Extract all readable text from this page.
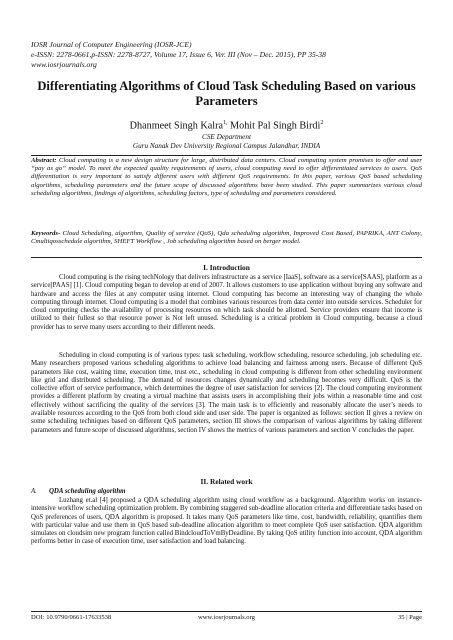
IOSR Journal of Computer Engineering (IOSR-JCE)
e-ISSN: 2278-0661,p-ISSN: 2278-8727, Volume 17, Issue 6, Ver. III (Nov – Dec. 2015), PP 35-38
www.iosrjournals.org
Differentiating Algorithms of Cloud Task Scheduling Based on various Parameters
Dhanmeet Singh Kalra$^{1,}$ Mohit Pal Singh Birdi$^2$
CSE Department
Guru Nanak Dev University Regional Campus Jalandhar, INDIA
Abstract: Cloud computing is a new design structure for large, distributed data centers. Cloud computing system promises to offer end user “pay as go” model. To meet the expected quality requirements of users, cloud computing need to offer differentiated services to users. QoS differentiation is very important to satisfy different users with different QoS requirements. In this paper, various QoS based scheduling algorithms, scheduling parameters and the future scope of discussed algorithms have been studied. This paper summarizes various cloud scheduling algorithms, findings of algorithms, scheduling factors, type of scheduling and parameters considered.
Keywords- Cloud Scheduling, algorithm, Quality of service (QoS), Qda scheduling algorithm, Improved Cost Based, PAPRIKA, ANT Colony, Cmultiqosschedule algorithm, SHEFT Workflow , Job scheduling algorithm based on berger model.
I. Introduction
Cloud computing is the rising techNology that delivers infrastructure as a service [IaaS], software as a service[SAAS], platform as a service[PAAS] [1]. Cloud computing began to develop at end of 2007. It allows customers to use application without buying any software and hardware and access the files at any computer using internet. Cloud computing has become an interesting way of changing the whole computing through internet. Cloud computing is a model that combines various resources from data center into outside services. Scheduler for cloud computing checks the availability of processing resources on which task should be allotted. Service providers ensure that income is utilized to their fullest so that resource power is Not left unused. Scheduling is a critical problem in Cloud computing, because a cloud provider has to serve many users according to their different needs.
Scheduling in cloud computing is of various types: task scheduling, workflow scheduling, resource scheduling, job scheduling etc. Many researchers proposed various scheduling algorithms to achieve load balancing and fairness among users. Because of different QoS parameters like cost, waiting time, execution time, trust etc., scheduling in cloud computing is different from other scheduling environment like grid and distributed scheduling. The demand of resources changes dynamically and scheduling becomes very difficult. QoS is the collective effort of service performance, which determines the degree of user satisfaction for services [2]. The cloud computing environment provides a different platform by creating a virtual machine that assists users in accomplishing their jobs within a reasonable time and cost effectively without sacrificing the quality of the services [3]. The main task is to efficiently and reasonably allocate the user’s needs to available resources according to the QoS from both cloud side and user side. The paper is organized as follows: section II gives a review on some scheduling techniques based on different QoS parameters, section III shows the comparison of various algorithms by taking different parameters and future scope of discussed algorithms, section IV shows the metrics of various parameters and section V concludes the paper.
II. Related work
A. QDA scheduling algorithm
Luzhang et.al [4] proposed a QDA scheduling algorithm using cloud workflow as a background. Algorithm works on instance-intensive workflow scheduling optimization problem. By combining staggered sub-deadline allocation criteria and differentiate tasks based on QoS preferences of users, QDA algorithm is proposed. It takes many QoS parameters like time, cost, bandwidth, reliability, quantifies them with particular value and use them in QoS based sub-deadline allocation algorithm to meet complete QoS user satisfaction. QDA algorithm simulates on cloudsim new program function called BindcloudToVmByDeadline. By taking QoS utility function into account, QDA algorithm performs better in case of execution time, user satisfaction and load balancing.
DOI: 10.9790/0661-17633538	www.iosrjournals.org	35 | Page
